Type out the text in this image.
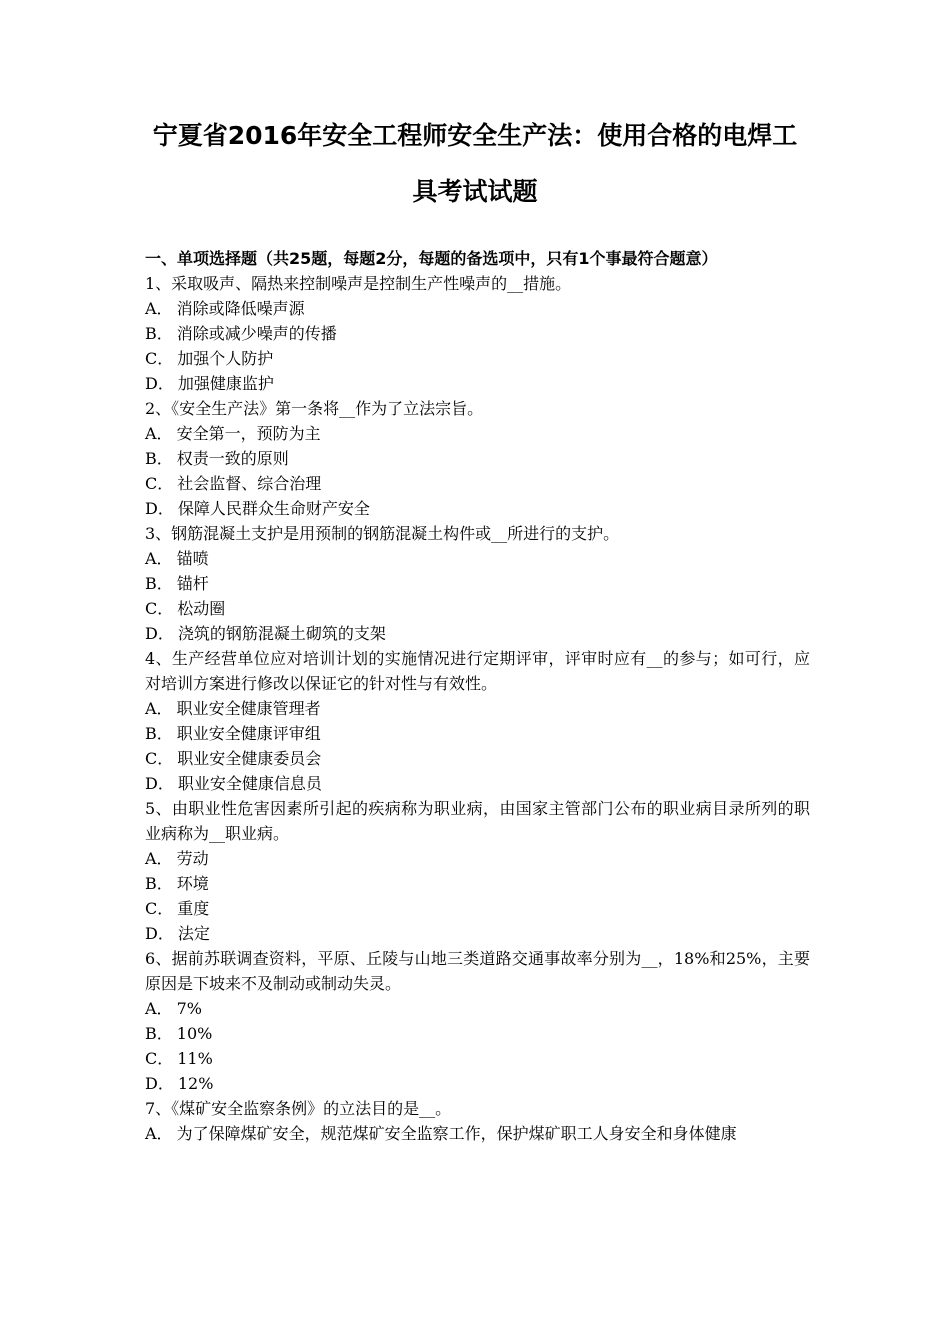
宁夏省2016年安全工程师安全生产法：使用合格的电焊工
具考试试题
一、单项选择题（共25题，每题2分，每题的备选项中，只有1个事最符合题意）
1、采取吸声、隔热来控制噪声是控制生产性噪声的__措施。
A． 消除或降低噪声源
B． 消除或减少噪声的传播
C． 加强个人防护
D． 加强健康监护
2、《安全生产法》第一条将__作为了立法宗旨。
A． 安全第一，预防为主
B． 权责一致的原则
C． 社会监督、综合治理
D． 保障人民群众生命财产安全
3、钢筋混凝土支护是用预制的钢筋混凝土构件或__所进行的支护。
A． 锚喷
B． 锚杆
C． 松动圈
D． 浇筑的钢筋混凝土砌筑的支架
4、生产经营单位应对培训计划的实施情况进行定期评审，评审时应有__的参与；如可行，应对培训方案进行修改以保证它的针对性与有效性。
A． 职业安全健康管理者
B． 职业安全健康评审组
C． 职业安全健康委员会
D． 职业安全健康信息员
5、由职业性危害因素所引起的疾病称为职业病，由国家主管部门公布的职业病目录所列的职业病称为__职业病。
A． 劳动
B． 环境
C． 重度
D． 法定
6、据前苏联调查资料，平原、丘陵与山地三类道路交通事故率分别为__，18%和25%，主要原因是下坡来不及制动或制动失灵。
A． 7%
B． 10%
C． 11%
D． 12%
7、《煤矿安全监察条例》的立法目的是__。
A． 为了保障煤矿安全，规范煤矿安全监察工作，保护煤矿职工人身安全和身体健康
